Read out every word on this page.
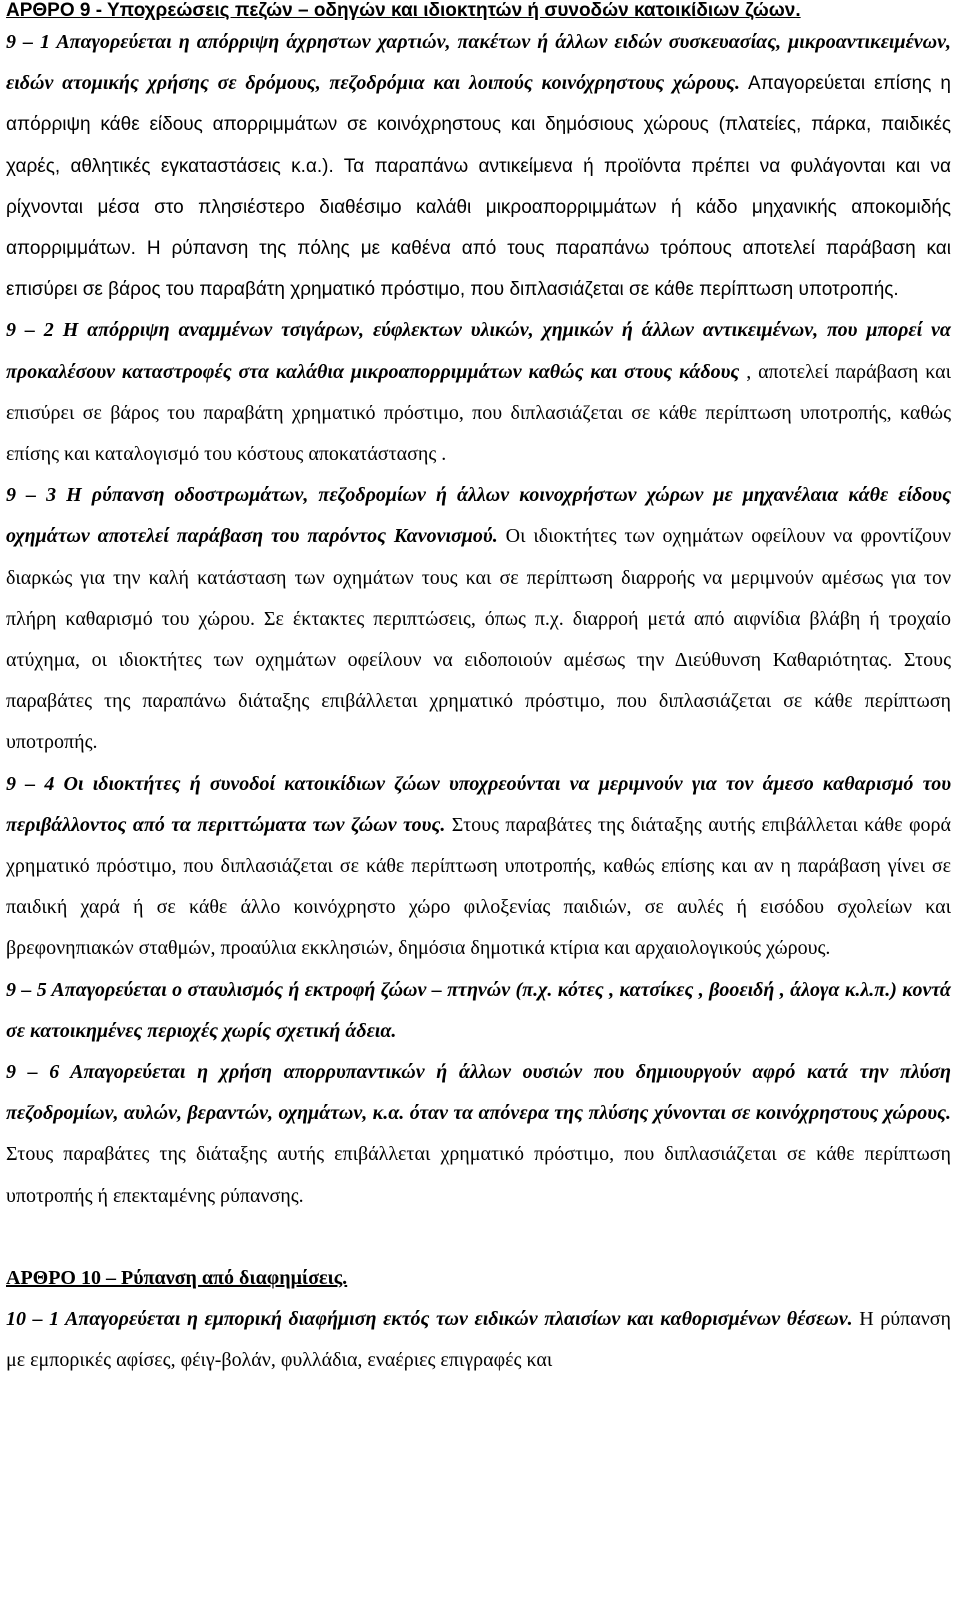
ΑΡΘΡΟ 9 - Υποχρεώσεις πεζών – οδηγών και ιδιοκτητών ή συνοδών κατοικίδιων ζώων.

9 – 1 Απαγορεύεται η απόρριψη άχρηστων χαρτιών, πακέτων ή άλλων ειδών συσκευασίας, μικροαντικειμένων, ειδών ατομικής χρήσης σε δρόμους, πεζοδρόμια και λοιπούς κοινόχρηστους χώρους. Απαγορεύεται επίσης η απόρριψη κάθε είδους απορριμμάτων σε κοινόχρηστους και δημόσιους χώρους (πλατείες, πάρκα, παιδικές χαρές, αθλητικές εγκαταστάσεις κ.α.). Τα παραπάνω αντικείμενα ή προϊόντα πρέπει να φυλάγονται και να ρίχνονται μέσα στο πλησιέστερο διαθέσιμο καλάθι μικροαπορριμμάτων ή κάδο μηχανικής αποκομιδής απορριμμάτων. Η ρύπανση της πόλης με καθένα από τους παραπάνω τρόπους αποτελεί παράβαση και επισύρει σε βάρος του παραβάτη χρηματικό πρόστιμο, που διπλασιάζεται σε κάθε περίπτωση υποτροπής.

9 – 2 Η απόρριψη αναμμένων τσιγάρων, εύφλεκτων υλικών, χημικών ή άλλων αντικειμένων, που μπορεί να προκαλέσουν καταστροφές στα καλάθια μικροαπορριμμάτων καθώς και στους κάδους , αποτελεί παράβαση και επισύρει σε βάρος του παραβάτη χρηματικό πρόστιμο, που διπλασιάζεται σε κάθε περίπτωση υποτροπής, καθώς επίσης και καταλογισμό του κόστους αποκατάστασης .

9 – 3 Η ρύπανση οδοστρωμάτων, πεζοδρομίων ή άλλων κοινοχρήστων χώρων με μηχανέλαια κάθε είδους οχημάτων αποτελεί παράβαση του παρόντος Κανονισμού. Οι ιδιοκτήτες των οχημάτων οφείλουν να φροντίζουν διαρκώς για την καλή κατάσταση των οχημάτων τους και σε περίπτωση διαρροής να μεριμνούν αμέσως για τον πλήρη καθαρισμό του χώρου. Σε έκτακτες περιπτώσεις, όπως π.χ. διαρροή μετά από αιφνίδια βλάβη ή τροχαίο ατύχημα, οι ιδιοκτήτες των οχημάτων οφείλουν να ειδοποιούν αμέσως την Διεύθυνση Καθαριότητας. Στους παραβάτες της παραπάνω διάταξης επιβάλλεται χρηματικό πρόστιμο, που διπλασιάζεται σε κάθε περίπτωση υποτροπής.

9 – 4 Οι ιδιοκτήτες ή συνοδοί κατοικίδιων ζώων υποχρεούνται να μεριμνούν για τον άμεσο καθαρισμό του περιβάλλοντος από τα περιττώματα των ζώων τους. Στους παραβάτες της διάταξης αυτής επιβάλλεται κάθε φορά χρηματικό πρόστιμο, που διπλασιάζεται σε κάθε περίπτωση υποτροπής, καθώς επίσης και αν η παράβαση γίνει σε παιδική χαρά ή σε κάθε άλλο κοινόχρηστο χώρο φιλοξενίας παιδιών, σε αυλές ή εισόδου σχολείων και βρεφονηπιακών σταθμών, προαύλια εκκλησιών, δημόσια δημοτικά κτίρια και αρχαιολογικούς χώρους.

9 – 5 Απαγορεύεται ο σταυλισμός ή εκτροφή ζώων – πτηνών (π.χ. κότες , κατσίκες , βοοειδή , άλογα κ.λ.π.) κοντά σε κατοικημένες περιοχές χωρίς σχετική άδεια.

9 – 6 Απαγορεύεται η χρήση απορρυπαντικών ή άλλων ουσιών που δημιουργούν αφρό κατά την πλύση πεζοδρομίων, αυλών, βεραντών, οχημάτων, κ.α. όταν τα απόνερα της πλύσης χύνονται σε κοινόχρηστους χώρους. Στους παραβάτες της διάταξης αυτής επιβάλλεται χρηματικό πρόστιμο, που διπλασιάζεται σε κάθε περίπτωση υποτροπής ή επεκταμένης ρύπανσης.

ΑΡΘΡΟ 10 – Ρύπανση από διαφημίσεις.

10 – 1 Απαγορεύεται η εμπορική διαφήμιση εκτός των ειδικών πλαισίων και καθορισμένων θέσεων. Η ρύπανση με εμπορικές αφίσες, φέιγ-βολάν, φυλλάδια, εναέριες επιγραφές και
